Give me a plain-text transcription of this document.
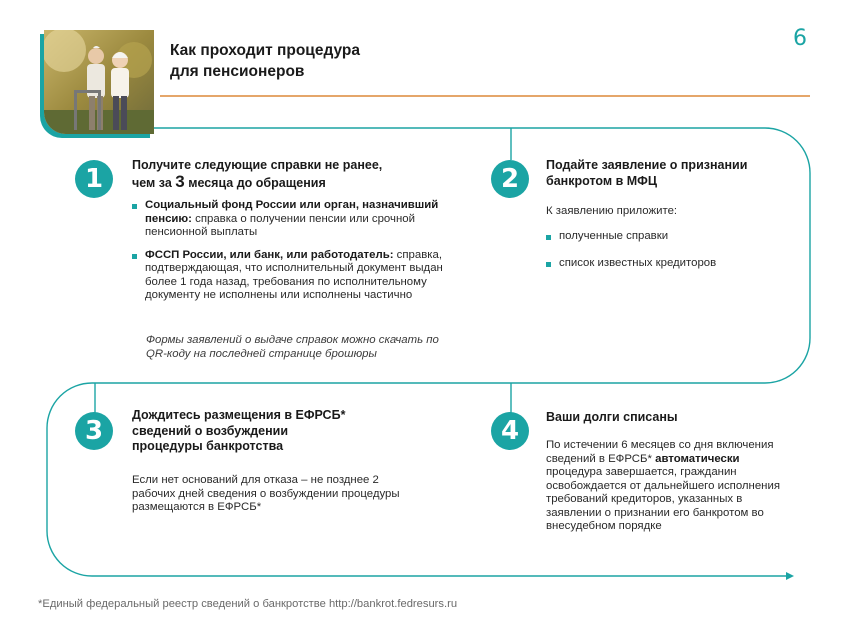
6
Как проходит процедура
для пенсионеров
1	Получите следующие справки не ранее,
чем за 3 месяца до обращения
Социальный фонд России или орган, назначивший пенсию: справка о получении пенсии или срочной пенсионной выплаты
ФССП России, или банк, или работодатель: справка, подтверждающая, что исполнительный документ выдан более 1 года назад, требования по исполнительному документу не исполнены или исполнены частично
Формы заявлений о выдаче справок можно скачать по QR-коду на последней странице брошюры
2	Подайте заявление о признании
банкротом в МФЦ
К заявлению приложите:
полученные справки
список известных кредиторов
3
Дождитесь размещения в ЕФРСБ*
сведений о возбуждении
процедуры банкротства
Если нет оснований для отказа – не позднее 2 рабочих дней сведения о возбуждении процедуры размещаются в ЕФРСБ*
4	Ваши долги списаны
По истечении 6 месяцев со дня включения сведений в ЕФРСБ* автоматически процедура завершается, гражданин освобождается от дальнейшего исполнения требований кредиторов, указанных в заявлении о признании его банкротом во внесудебном порядке
*Единый федеральный реестр сведений о банкротстве http://bankrot.fedresurs.ru
